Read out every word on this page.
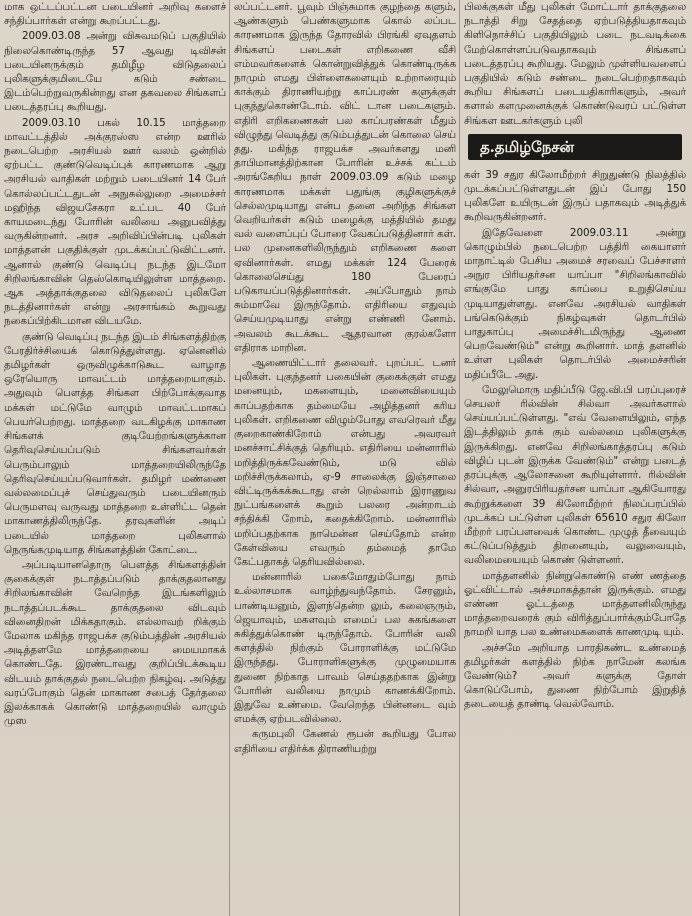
மாக ஒட்டப்பட்டன படையினர் அறிவு களைச் சந்திப்பார்கள் என்று கூறப்பட்டது.

2009.03.08 அன்று விசுவமடுப் பகுதியில் நிலைகொண்டிருந்த 57 ஆவது டிவிசன் படையினருக்கும் தமிழீழ விடுதலைப் புலிகளுக்குமிடையே கடும் சண்டை இடம்பெற்றுவருகின்றது என தகவலை சிங்களப் படைத்தரப்பு கூறியது.

2009.03.10 பகல் 10.15 மாத்தறை மாவட்டத்தில் அக்குரஸ்ஸ என்ற ஊரில் நடைபெற்ற அரசியல் ஊர் வலம் ஒன்றில் ஏற்பட்ட குண்டுவெடிப்புக் காரணமாக ஆறு அரசியல் வாதிகள் மற்றும் படையினர் 14 பேர் கொல்லப்பட்டதுடன் அநுசுல்லுறை அமைச்சர் மஹிந்த விஜயசேகரா உட்பட 40 பேர் காயமடைந்து போரின் வலியை அனுபவித்து வருகின்றனர். அரச அறிவிப்பின்படி புலிகள் மாத்தளன் பகுதிக்குள் முடக்கப்பட்டுவிட்டனர். ஆனால் குண்டு வெடிப்பு நடந்த இடமோ சிறிலங்காவின் தெஸ்கொடியிலுள்ள மாத்தறை. ஆக அத்தாக்குதலை விடுதலைப் புலிகளே நடத்தினார்கள் என்று அரசாங்கம் கூறுவது நகைப்பிற்கிடமான விடயமே.

குண்டு வெடிப்பு நடந்த இடம் சிங்களத்திற்கு பேரதிர்ச்சியைக் கொடுத்துள்ளது. ஏனெனில் தமிழர்கள் ஒருவிழுக்காடுகூட வாழாத ஒரேயொரு மாவட்டம் மாத்தறையாகும். அதுவும் பௌத்த சிங்கள பிற்போக்குவாத மக்கள் மட்டுமே வாழும் மாவட்டமாகப் பெயர்பெற்றது. மாத்தறை வடகிழக்கு மாகாண சிங்களக் குடியேற்றங்களுக்கான தெரிவுசெய்யப்படும் சிங்களவர்கள் பெரும்பாலும் மாத்தறையிலிருந்தே தெரிவுசெய்யப்படுவார்கள். தமிழர் மண்ணை வல்லமைப்புச் செய்துவரும் படையினரும் பெருமளவு வருவது மாத்தறை உள்ளிட்ட தென் மாகாணத்திலிருந்தே. தரவுகளின் அடிப் படையில் மாத்தறை புலிகளால் நெருங்கமுடியாத சிங்களத்தின் கோட்டை.

அப்படியானதொரு பௌத்த சிங்களத்தின் குகைக்குள் நடாத்தப்படும் தாக்குதலானது சிறிலங்காவின் வேறெந்த இடங்களிலும் நடாத்தப்படக்கூட தாக்குதலை விடவும் வினைதிறன் மிக்கதாகும். எல்லாவற் றிக்கும் மேலாக மகிந்த ராஜபக்ச குடும்பத்தின் அரசியல் அடித்தளமே மாத்தறையை மையமாகக் கொண்டதே. இரண்டாவது குறிப்பிடக்கூடிய விடயம் தாக்குதல் நடைபெற்ற நிகழ்வு. அடுத்து வரப்போகும் தென் மாகாண சபைத் தேர்தலை இலக்காகக் கொண்டு மாத்தறையில் வாழும் முஸ

லப்பட்டனர். பூவும் பிஞ்சுமாக குழந்தை களும், ஆண்களும் பெண்களுமாக கொல் லப்பட காரணமாக இருந்த தோரவில் பிரங்கி ஏவுதளம் சிங்களப் படைகள் எறிகணை வீசி எம்மவர்களைக் கொன்றுவித்துக் கொண்டிருக்க நாமும் எமது பிள்ளைகளையும் உற்றாரையும் காக்கும் திராணியற்று காப்பரண் களுக்குள் புகுந்துகொண்டோம். விட் டான படைகளும். எதிரி எறிகணைகள் பல காப்பரண்கள் மீதும் விழுந்து வெடித்து குடும்பத்துடன் கொலை செய் தது. மகிந்த ராஜபக்ச அவர்களது மனி தாபிமானத்திற்கான போரின் உச்சக் கட்டம் அரங்கேறிய நாள் 2009.03.09 கடும் மழை காரணமாக மக்கள் பதுங்கு குழிகளுக்குச் செல்லமுடியாது என்ப தனை அறிந்த சிங்கள வெறியர்கள் கடும் மழைக்கு மத்தியில் தமது வல் வளைப்புப் போரை வேகப்படுத்தினார் கள். பல முனைகளிலிருந்தும் எறிகணை களை ஏவினார்கள். எமது மக்கள் 124 பேரைக் கொலைசெய்து 180 பேரைப் படுகாயப்படுத்தினார்கள். அப்போதும் நாம் சும்மாவே இருந்தோம். எதிரியை எதுவும் செய்யமுடியாது என்று எண்ணி னோம். அவலம் கூடக்கூட ஆதரவான குரல்களோ எதிராக மாறின.

ஆணையிட்டார் தலைவர். புறப்பட் டனர் புலிகள். புகுந்தனர் பகையின் குகைக்குள் எமது மனையும், மகளையும், மனைவியையும் காப்பதற்காக தம்மையே அழித்தனர் கரிய புலிகள். எறிகணை விழும்போது எவரெவர் மீது குறைகாண்கிறோம் என்பது அவரவர் மனச்சாட்சிக்குத் தெரியும். எதிரியை மன்னாரில் மறித்திருக்கவேண்டும், மடு வில் மறிச்சிருக்கலாம், ஏ-9 சாலைக்கு இஞ்சாலை விட்டிருக்கக்கூடாது என் றெல்லாம் இராணுவ நுட்பங்களைக் கூறும் பலரை அன்றாடம் சந்திக்கி றோம், கதைக்கிறோம். மன்னாரில் மறிப்பதற்காக நாமென்ன செய்தோம் என்ற கேள்வியை எவரும் தம்மைத் தாமே கேட்பதாகத் தெரியவில்லை.

மன்னாரில் பகைமோதும்போது நாம் உல்லாசமாக வாழ்ந்துவந்தோம். சேரனும், பாண்டியனும், இளந்தென்ற லும், கலைஞரும், ஜெயாவும், மகளவும் எமைப் பல சுகங்களை சுகித்துக்கொண் டிருந்தோம். போரின் வலி களத்தில் நிற்கும் போராளிக்கு மட்டுமே இருந்தது. போராளிகளுக்கு முழுமையாக துணை நிற்காத பாவம் செய்ததற்காக இன்று போரின் வலியை நாமும் காணக்கிறோம். இதுவே உண்மை. வேறெந்த பின்னடை வும் எமக்கு ஏற்படவில்லை.

கருமபுலி கேணல் ரூபன் கூறியது போல எதிரியை எதிர்க்க திராணியற்று

பிலக்குகள் மீது புலிகள் மோட்டார் தாக்குதலை நடாத்தி சிறு சேதத்தை ஏற்படுத்தியதாகவும் கிளிநொச்சிப் பகுதியிலும் படை நடவடிக்கை மேற்கொள்ளப்படுவதாகவும் சிங்களப் படைத்தரப்பு கூறியது. மேலும் முள்ளியவளைப் பகுதியில் கடும் சண்டை நடைபெற்றதாகவும் கூறிய சிங்களப் படையதிகாரிகளும், அவர் களால் களமுனைக்குக் கொண்டுவரப் பட்டுள்ள சிங்கள ஊடகர்களும் புலி

த.தமிழ்நேசன்

கள் 39 சதுர கிலோமீற்றர் சிறுதுண்டு நிலத்தில் முடக்கப்பட்டுள்ளதுடன் இப் போது 150 புலிகளே உயிருடன் இருப் பதாகவும் அடித்துக் கூறிவருகின்றனர்.

இதேவேளை 2009.03.11 அன்று கொழும்பில் நடைபெற்ற பத்திரி கையாளர் மாநாட்டில் பேசிய அமைச் சரவைப் பேச்சாளர் அநுர பிரியதர்சன யாப்பா "சிறிலங்காவில் எங்குமே பாது காப்பை உறுதிசெய்ய முடியாதுள்ளது. எனவே அரசியல் வாதிகள் பங்கெடுக்கும் நிகழ்வுகள் தொடர்பில் பாதுகாப்பு அமைச்சிடமிருந்து ஆணை பெறவேண்டும்" என்று கூறினார். மாத் தளனில் உள்ள புலிகள் தொடர்பில் அமைச்சரின் மதிப்பீடே அது.

மேலுமொரு மதிப்பீடு ஜே.வி.பி பரப்புரைச் செயலர் ரில்வின் சில்வா அவர்களால் செய்யப்பட்டுள்ளது. "எவ் வேளையிலும், எந்த இடத்திலும் தாக் கும் வல்லமை புலிகளுக்கு இருக்கிறது. எனவே சிறிலங்காத்தரப்பு கடும் விழிப் புடன் இருக்க வேண்டும்" என்று படைத் தரப்புக்கு ஆலோசனை கூறியுள்ளார். ரில்வின் சில்வா, அனுரபிரியதர்சன யாப்பா ஆகியோரது கூற்றுக்களை 39 கிலோமீற்றர் நிலப்பரப்பில் முடக்கப் பட்டுள்ள புலிகள் 65610 சதுர கிலோ மீற்றர் பரப்பளவைக் கொண்ட முழுத் தீவையும் கட்டுப்படுத்தும் திறனையும், வலுவையும், வலிமையையும் கொண் டுள்ளனர்.

மாத்தளனில் நின்றுகொண்டு எண் ணத்தை ஓட்விட்டால் அச்சமாகத்தான் இருக்கும். எமது எண்ண ஓட்டத்தை மாத்தளனிலிருந்து மாத்தறைவரைக் கும் விரித்துப்பார்க்கும்போதே நாமறி யாத பல உண்மைகளைக் காணமுடி யும்.

அச்சமே அறியாத பாரதிகண்ட உண்மைத் தமிழர்கள் களத்தில் நிற்க நாமேன் கலங்க வேண்டும்? அவர் களுக்கு தோள் கொடுப்போம், துணை நிற்போம் இறுதித் தடையைத் தாண்டி வெல்வோம்.
